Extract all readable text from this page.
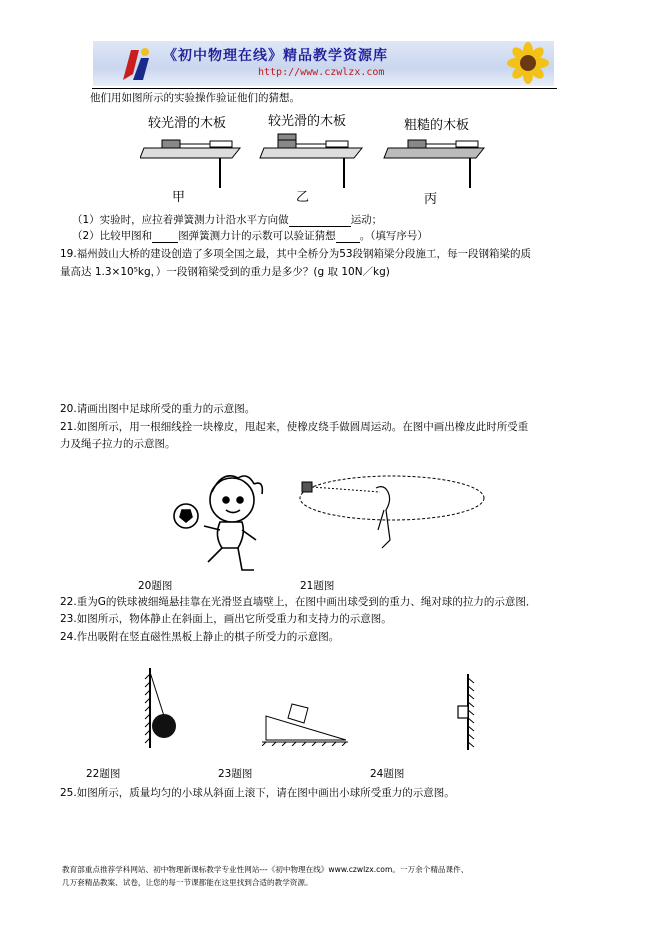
《初中物理在线》精品教学资源库
http://www.czwlzx.com
他们用如图所示的实验操作验证他们的猜想。
较光滑的木板	较光滑的木板	粗糙的木板
甲	乙	丙
（1）实验时，应拉着弹簧测力计沿水平方向做	运动；
（2）比较甲图和 图弹簧测力计的示数可以验证猜想 。（填写序号）
19.福州鼓山大桥的建设创造了多项全国之最，其中全桥分为53段钢箱梁分段施工，每一段钢箱梁的质
量高达 1.3×10⁵kg，）一段钢箱梁受到的重力是多少？(g 取 10N／kg)
20.请画出图中足球所受的重力的示意图。
21.如图所示，用一根细线拴一块橡皮，甩起来，使橡皮绕手做圆周运动。在图中画出橡皮此时所受重
力及绳子拉力的示意图。
20题图	21题图
22.重为G的铁球被细绳悬挂靠在光滑竖直墙壁上，在图中画出球受到的重力、绳对球的拉力的示意图．
23.如图所示，物体静止在斜面上，画出它所受重力和支持力的示意图。
24.作出吸附在竖直磁性黑板上静止的棋子所受力的示意图。
22题图	23题图	24题图
25.如图所示，质量均匀的小球从斜面上滚下，请在图中画出小球所受重力的示意图。
教育部重点推荐学科网站、初中物理新课标教学专业性网站---《初中物理在线》www.czwlzx.com。一万余个精品课件、
几万套精品教案、试卷，让您的每一节课都能在这里找到合适的教学资源。
